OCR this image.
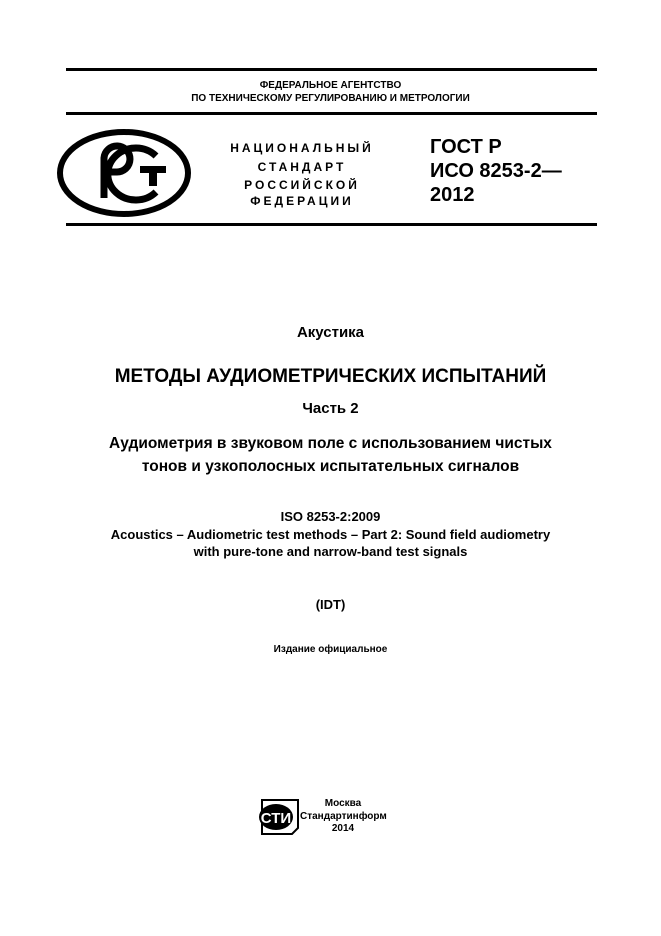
ФЕДЕРАЛЬНОЕ АГЕНТСТВО
ПО ТЕХНИЧЕСКОМУ РЕГУЛИРОВАНИЮ И МЕТРОЛОГИИ
НАЦИОНАЛЬНЫЙ
СТАНДАРТ
РОССИЙСКОЙ
ФЕДЕРАЦИИ
ГОСТ Р
ИСО 8253-2—
2012
Акустика
МЕТОДЫ АУДИОМЕТРИЧЕСКИХ ИСПЫТАНИЙ
Часть 2
Аудиометрия в звуковом поле с использованием чистых
тонов и узкополосных испытательных сигналов
ISO 8253-2:2009
Acoustics – Audiometric test methods – Part 2: Sound field audiometry
with pure-tone and narrow-band test signals
(IDT)
Издание официальное
СТИ
Москва
Стандартинформ
2014
